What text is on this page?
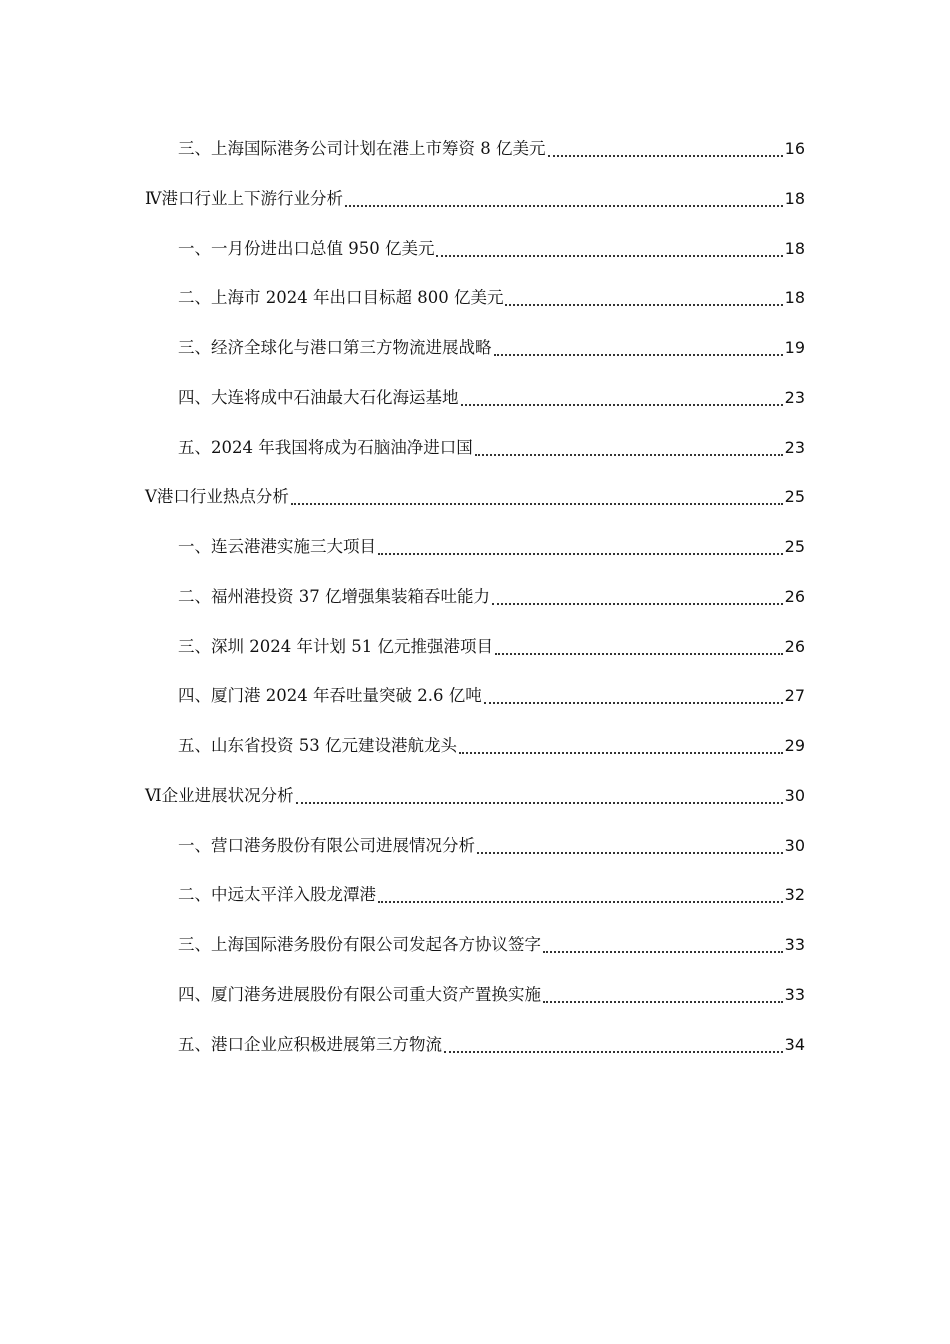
三、上海国际港务公司计划在港上市筹资 8 亿美元	16
Ⅳ港口行业上下游行业分析	18
一、一月份进出口总值 950 亿美元	18
二、上海市 2024 年出口目标超 800 亿美元	18
三、经济全球化与港口第三方物流进展战略	19
四、大连将成中石油最大石化海运基地	23
五、2024 年我国将成为石脑油净进口国	23
Ⅴ港口行业热点分析	25
一、连云港港实施三大项目	25
二、福州港投资 37 亿增强集装箱吞吐能力	26
三、深圳 2024 年计划 51 亿元推强港项目	26
四、厦门港 2024 年吞吐量突破 2.6 亿吨	27
五、山东省投资 53 亿元建设港航龙头	29
Ⅵ企业进展状况分析	30
一、营口港务股份有限公司进展情况分析	30
二、中远太平洋入股龙潭港	32
三、上海国际港务股份有限公司发起各方协议签字	33
四、厦门港务进展股份有限公司重大资产置换实施	33
五、港口企业应积极进展第三方物流	34
